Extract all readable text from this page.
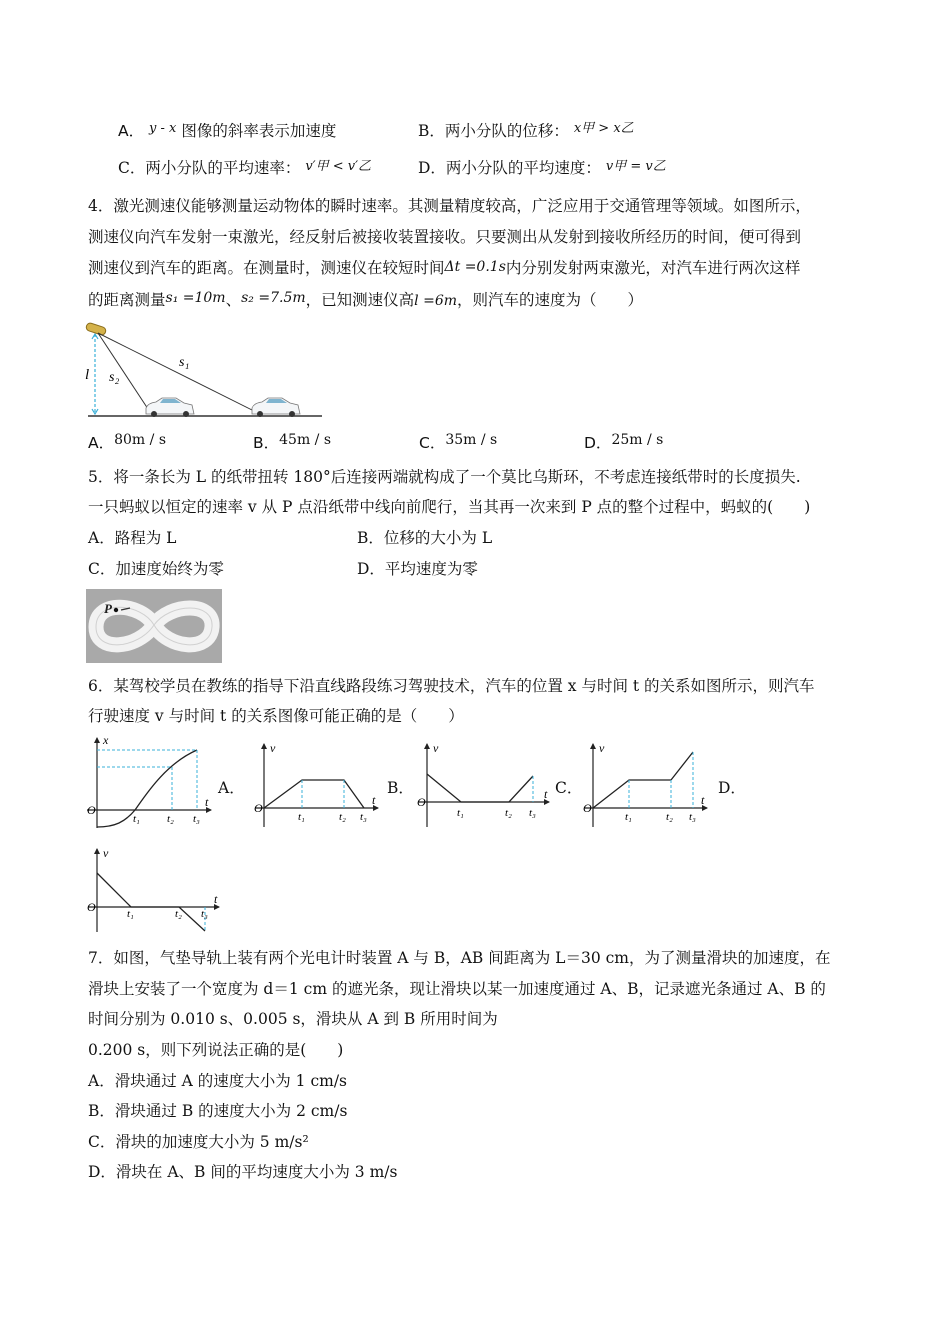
A． $^{y - x}$ 图像的斜率表示加速度	B．两小分队的位移： $^{x甲 > x乙}$
C．两小分队的平均速率： v′甲 < v′乙	D．两小分队的平均速度： v甲 = v乙
4．激光测速仪能够测量运动物体的瞬时速率。其测量精度较高，广泛应用于交通管理等领域。如图所示，
测速仪向汽车发射一束激光，经反射后被接收装置接收。只要测出从发射到接收所经历的时间，便可得到
测速仪到汽车的距离。在测量时，测速仪在较短时间Δt =0.1s内分别发射两束激光，对汽车进行两次这样
的距离测量s₁ =10m、s₂ =7.5m，已知测速仪高l =6m，则汽车的速度为（　　）
l s₂
s₁
A．80m / s	B．45m / s	C．35m / s	D．25m / s
5．将一条长为 L 的纸带扭转 180°后连接两端就构成了一个莫比乌斯环，不考虑连接纸带时的长度损失.
一只蚂蚁以恒定的速率 v 从 P 点沿纸带中线向前爬行，当其再一次来到 P 点的整个过程中，蚂蚁的(　　)
A．路程为 L	B．位移的大小为 L
C．加速度始终为零	D．平均速度为零
P
6．某驾校学员在教练的指导下沿直线路段练习驾驶技术，汽车的位置 x 与时间 t 的关系如图所示，则汽车
行驶速度 v 与时间 t 的关系图像可能正确的是（　　）
x
t
O
t₁ t₂ t₃
A．
v
t
O
t₁	t₂ t₃
B．
v
t
O
t₁	t₂ t₃
C．
v
t
O
t₁	t₂ t₃
D．
v
t
O	t₁	t₂ t₃
7．如图，气垫导轨上装有两个光电计时装置 A 与 B，AB 间距离为 L＝30 cm，为了测量滑块的加速度，在
滑块上安装了一个宽度为 d＝1 cm 的遮光条，现让滑块以某一加速度通过 A、B，记录遮光条通过 A、B 的
时间分别为 0.010 s、0.005 s，滑块从 A 到 B 所用时间为
0.200 s，则下列说法正确的是(　　)
A．滑块通过 A 的速度大小为 1 cm/s
B．滑块通过 B 的速度大小为 2 cm/s
C．滑块的加速度大小为 5 m/s²
D．滑块在 A、B 间的平均速度大小为 3 m/s
